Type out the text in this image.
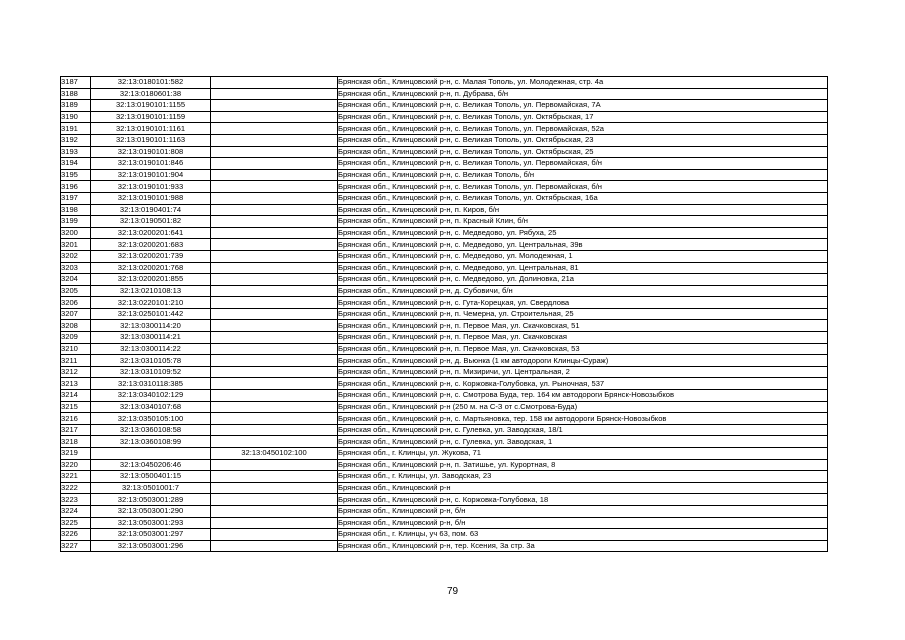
3187	32:13:0180101:582		Брянская обл., Клинцовский р-н, с. Малая Тополь, ул. Молодежная, стр. 4а
3188	32:13:0180601:38		Брянская обл., Клинцовский р-н, п. Дубрава, б/н
3189	32:13:0190101:1155		Брянская обл., Клинцовский р-н, с. Великая Тополь, ул. Первомайская, 7А
3190	32:13:0190101:1159		Брянская обл., Клинцовский р-н, с. Великая Тополь, ул. Октябрьская, 17
3191	32:13:0190101:1161		Брянская обл., Клинцовский р-н, с. Великая Тополь, ул. Первомайская, 52а
3192	32:13:0190101:1163		Брянская обл., Клинцовский р-н, с. Великая Тополь, ул. Октябрьская, 23
3193	32:13:0190101:808		Брянская обл., Клинцовский р-н, с. Великая Тополь, ул. Октябрьская, 25
3194	32:13:0190101:846		Брянская обл., Клинцовский р-н, с. Великая Тополь, ул. Первомайская, б/н
3195	32:13:0190101:904		Брянская обл., Клинцовский р-н, с. Великая Тополь, б/н
3196	32:13:0190101:933		Брянская обл., Клинцовский р-н, с. Великая Тополь, ул. Первомайская, б/н
3197	32:13:0190101:988		Брянская обл., Клинцовский р-н, с. Великая Тополь, ул. Октябрьская, 16а
3198	32:13:0190401:74		Брянская обл., Клинцовский р-н, п. Киров, б/н
3199	32:13:0190501:82		Брянская обл., Клинцовский р-н, п. Красный Клин, б/н
3200	32:13:0200201:641		Брянская обл., Клинцовский р-н, с. Медведово, ул. Рябуха, 25
3201	32:13:0200201:683		Брянская обл., Клинцовский р-н, с. Медведово, ул. Центральная, 39в
3202	32:13:0200201:739		Брянская обл., Клинцовский р-н, с. Медведово, ул. Молодежная, 1
3203	32:13:0200201:768		Брянская обл., Клинцовский р-н, с. Медведово, ул. Центральная, 81
3204	32:13:0200201:855		Брянская обл., Клинцовский р-н, с. Медведово, ул. Долиновка, 21а
3205	32:13:0210108:13		Брянская обл., Клинцовский р-н, д. Субовичи, б/н
3206	32:13:0220101:210		Брянская обл., Клинцовский р-н, с. Гута-Корецкая, ул. Свердлова
3207	32:13:0250101:442		Брянская обл., Клинцовский р-н, п. Чемерна, ул. Строительная, 25
3208	32:13:0300114:20		Брянская обл., Клинцовский р-н, п. Первое Мая, ул. Скачковская, 51
3209	32:13:0300114:21		Брянская обл., Клинцовский р-н, п. Первое Мая, ул. Скачковская
3210	32:13:0300114:22		Брянская обл., Клинцовский р-н, п. Первое Мая, ул. Скачковская, 53
3211	32:13:0310105:78		Брянская обл., Клинцовский р-н, д. Вьюнка (1 км автодороги Клинцы-Сураж)
3212	32:13:0310109:52		Брянская обл., Клинцовский р-н, п. Мизиричи, ул. Центральная, 2
3213	32:13:0310118:385		Брянская обл., Клинцовский р-н, с. Коржовка-Голубовка, ул. Рыночная, 537
3214	32:13:0340102:129		Брянская обл., Клинцовский р-н, с. Смотрова Буда, тер. 164 км автодороги Брянск-Новозыбков
3215	32:13:0340107:68		Брянская обл., Клинцовский р-н (250 м. на С-З от с.Смотрова-Буда)
3216	32:13:0350105:100		Брянская обл., Клинцовский р-н, с. Мартьяновка, тер. 158 км автодороги Брянск-Новозыбков
3217	32:13:0360108:58		Брянская обл., Клинцовский р-н, с. Гулевка, ул. Заводская, 18/1
3218	32:13:0360108:99		Брянская обл., Клинцовский р-н, с. Гулевка, ул. Заводская, 1
3219		32:13:0450102:100	Брянская обл., г. Клинцы, ул. Жукова, 71
3220	32:13:0450206:46		Брянская обл., Клинцовский р-н, п. Затишье, ул. Курортная, 8
3221	32:13:0500401:15		Брянская обл., г. Клинцы, ул. Заводская, 23
3222	32:13:0501001:7		Брянская обл., Клинцовский р-н
3223	32:13:0503001:289		Брянская обл., Клинцовский р-н, с. Коржовка-Голубовка, 18
3224	32:13:0503001:290		Брянская обл., Клинцовский р-н, б/н
3225	32:13:0503001:293		Брянская обл., Клинцовский р-н, б/н
3226	32:13:0503001:297		Брянская обл., г. Клинцы, уч 63, пом. 63
3227	32:13:0503001:296		Брянская обл., Клинцовский р-н, тер. Ксения, 3а стр. 3а
79
